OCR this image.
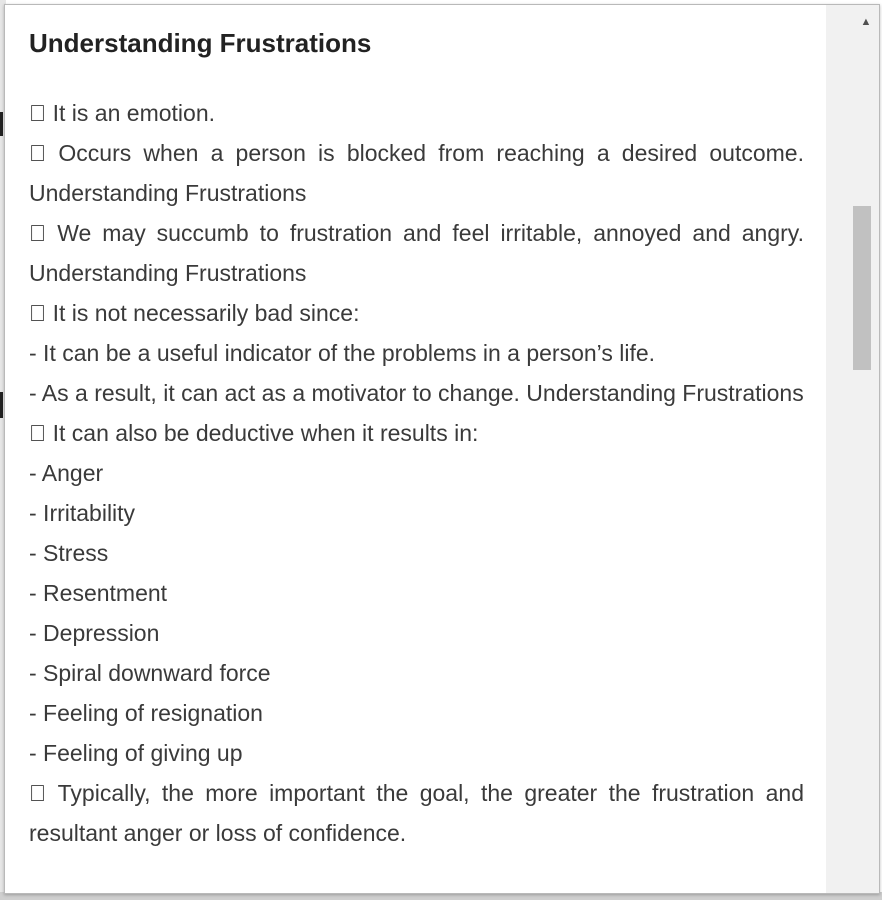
Understanding Frustrations
It is an emotion.
Occurs when a person is blocked from reaching a desired outcome. Understanding Frustrations
We may succumb to frustration and feel irritable, annoyed and angry. Understanding Frustrations
It is not necessarily bad since:
- It can be a useful indicator of the problems in a person’s life.
- As a result, it can act as a motivator to change. Understanding Frustrations
It can also be deductive when it results in:
- Anger
- Irritability
- Stress
- Resentment
- Depression
- Spiral downward force
- Feeling of resignation
- Feeling of giving up
Typically, the more important the goal, the greater the frustration and resultant anger or loss of confidence.
▲
